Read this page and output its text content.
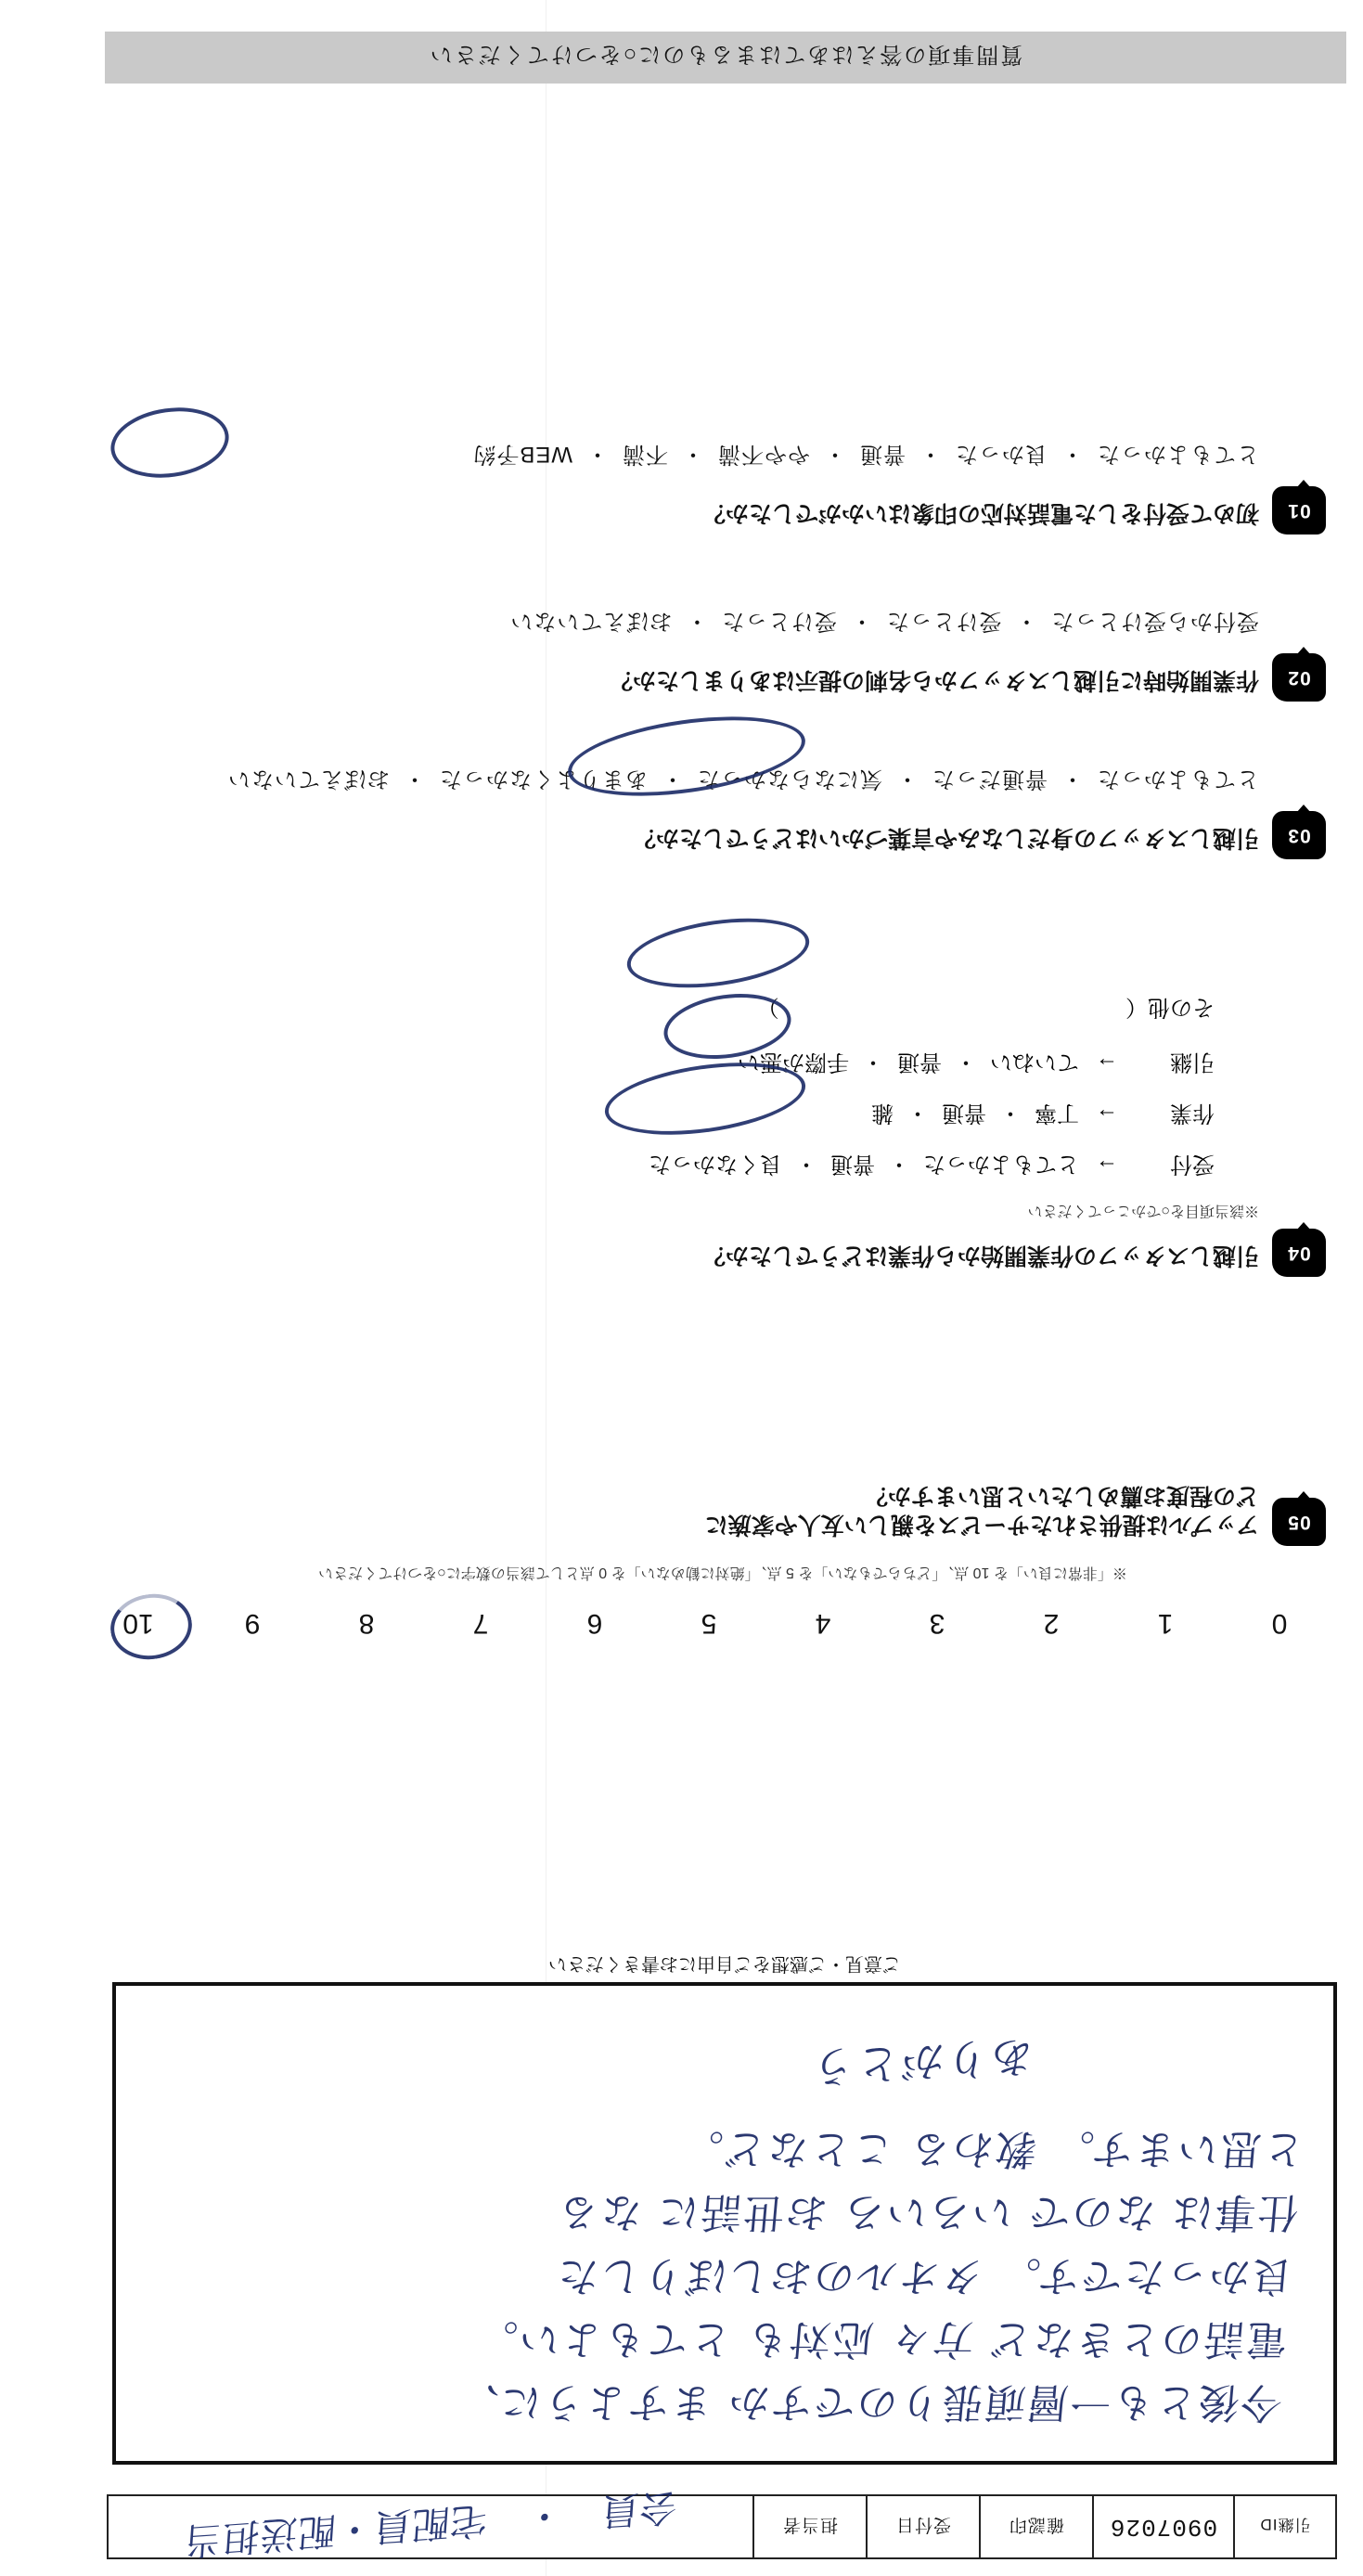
引継ID
0907026
確認印
受付日
担当者
会員　・　宅配員・配送担当
今後とも一層頑張りのですか ますように、
電話のときなど 方々 応対も とてもよい。
良かったです。 タオルのおしぼりした
仕事は なので いろいろ お世話に なる
と思います。 教わる ことなど。
ありがとう
ご意見・ご感想をご自由にお書きください
0
1
2
3
4
5
6
7
8
9
10
※「非常に良い」を 10 点、「どちらでもない」を 5 点、「絶対に勧めない」を 0 点として該当の数字に○をつけてください
05
アップルは提供されたサービスを親しい友人や家族に
どの程度お薦めしたいと思いますか？
04
引越しスタッフの作業開始から作業はどうでしたか？
※該当項目を○でかこってください
受付
→
とてもよかった
・
普通
・
良くなかった
作業
→
丁寧
・
普通
・
雑
引継
→
ていねい
・
普通
・
手際が悪い
その他（  ）
03
引越しスタッフの身だしなみや言葉づかいはどうでしたか？
とてもよかった
・
普通だった
・
気にならなかった
・
あまりよくなかった
・
おぼえていない
02
作業開始時に引越しスタッフから名刺の提示はありましたか？
受付から受けとった
・
受けとった
・
受けとった
・
おぼえていない
01
初めて受付をした電話対応の印象はいかがでしたか？
とてもよかった
・
良かった
・
普通
・
やや不満
・
不満
・
WEB予約
質問事項の答えはあてはまるものに○をつけてください
